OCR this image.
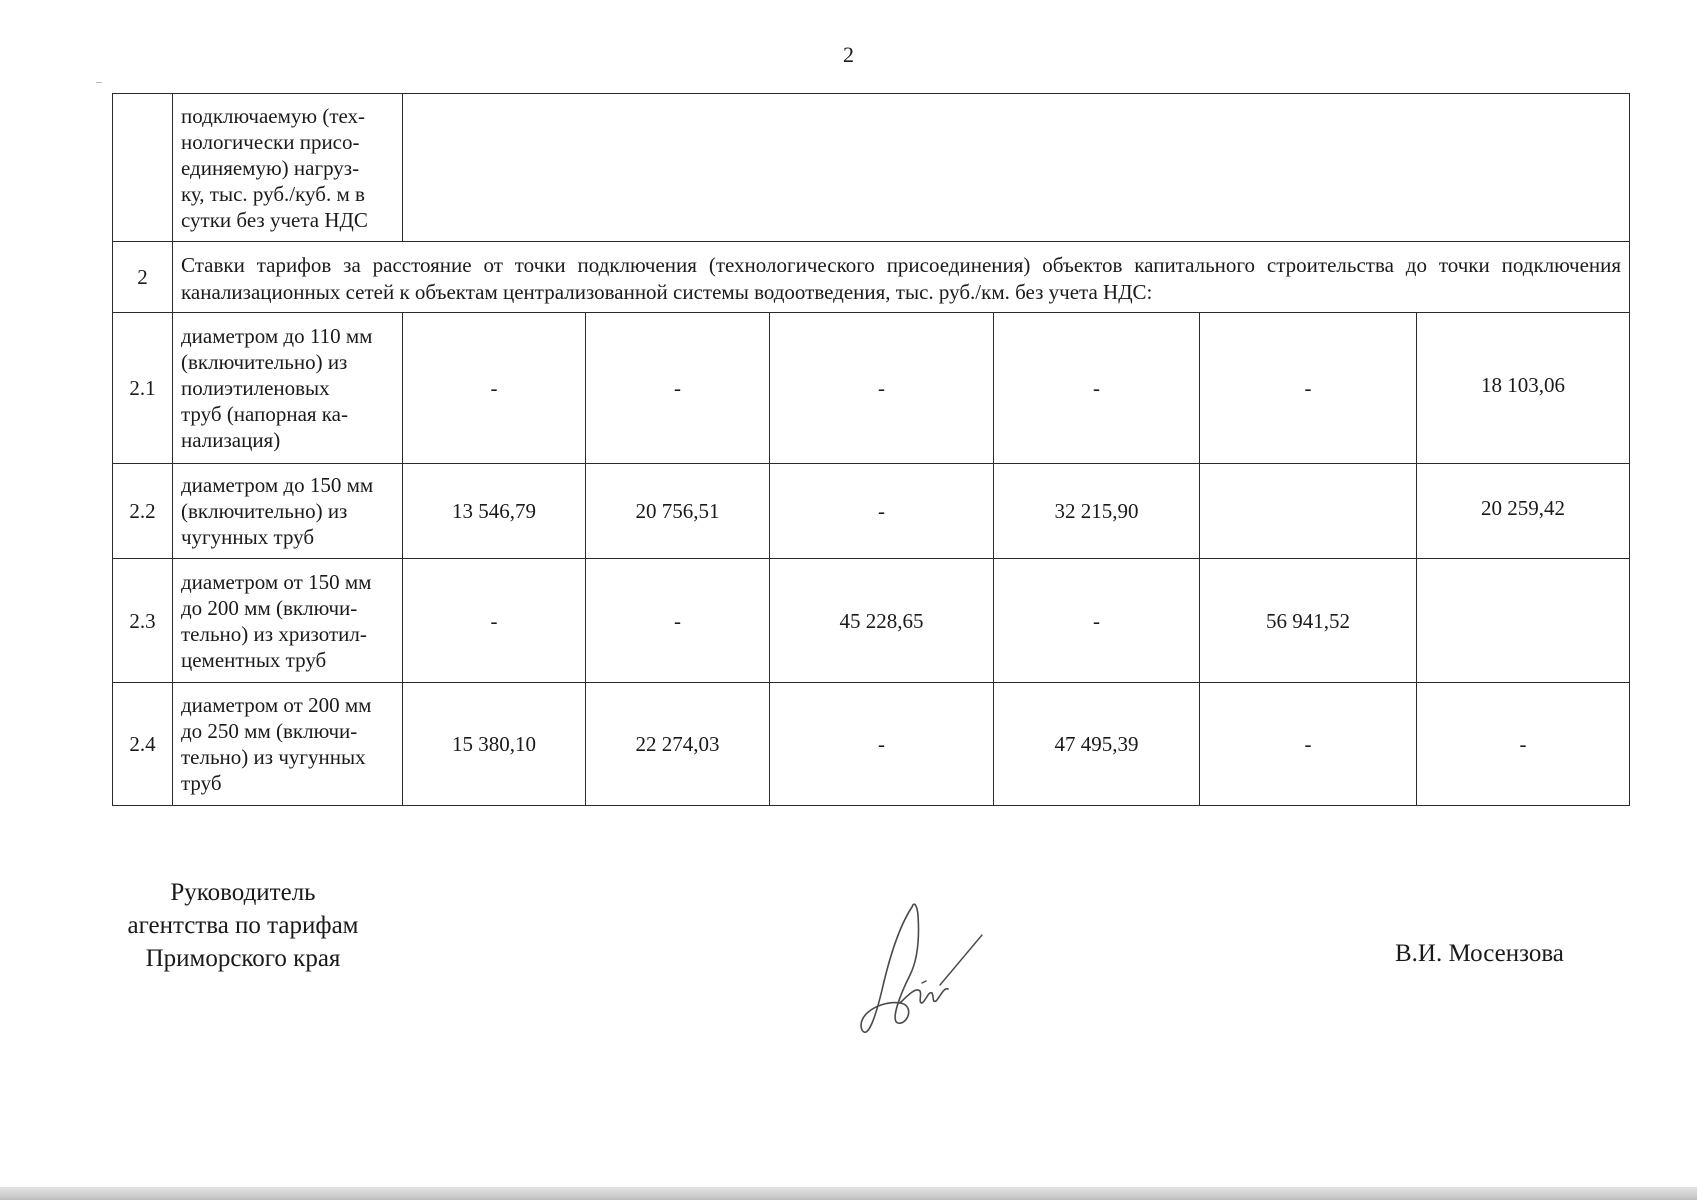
2

	подключаемую (тех-
нологически присо-
единяемую) нагруз-
ку, тыс. руб./куб. м в
сутки без учета НДС						

2	Ставки тарифов за расстояние от точки подключения (технологического присоединения) объектов капитального строительства до точки подключения канализационных сетей к объектам централизованной системы водоотведения, тыс. руб./км. без учета НДС:						
2.1	диаметром до 110 мм
(включительно) из
полиэтиленовых
труб (напорная ка-
нализация)	-	-	-	-	-	18 103,06
2.2	диаметром до 150 мм
(включительно) из
чугунных труб	13 546,79	20 756,51	-	32 215,90		20 259,42
2.3	диаметром от 150 мм
до 200 мм (включи-
тельно) из хризотил-
цементных труб	-	-	45 228,65	-	56 941,52	
2.4	диаметром от 200 мм
до 250 мм (включи-
тельно) из чугунных
труб	15 380,10	22 274,03	-	47 495,39	-	-
Руководитель
агентства по тарифам
Приморского края	В.И. Мосензова
